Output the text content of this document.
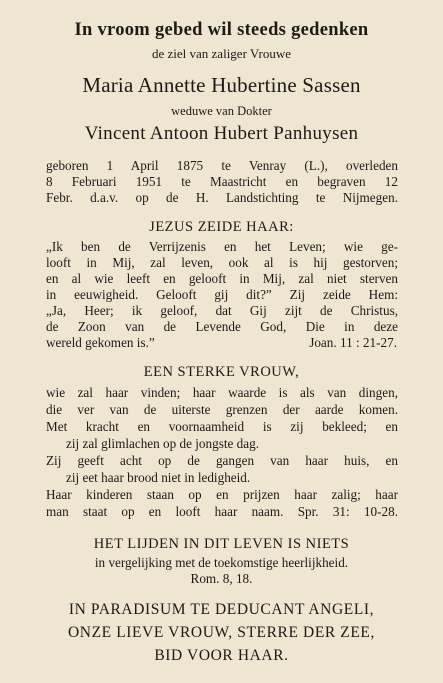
In vroom gebed wil steeds gedenken
de ziel van zaliger Vrouwe
Maria Annette Hubertine Sassen
weduwe van Dokter
Vincent Antoon Hubert Panhuysen
geboren 1 April 1875 te Venray (L.), overleden
8 Februari 1951 te Maastricht en begraven 12
Febr. d.a.v. op de H. Landstichting te Nijmegen.
JEZUS ZEIDE HAAR:
„Ik ben de Verrijzenis en het Leven; wie ge-
looft in Mij, zal leven, ook al is hij gestorven;
en al wie leeft en gelooft in Mij, zal niet sterven
in eeuwigheid. Gelooft gij dit?” Zij zeide Hem:
„Ja, Heer; ik geloof, dat Gij zijt de Christus,
de Zoon van de Levende God, Die in deze
wereld gekomen is.”	Joan. 11 : 21-27.
EEN STERKE VROUW,
wie zal haar vinden; haar waarde is als van dingen,
die ver van de uiterste grenzen der aarde komen.
Met kracht en voornaamheid is zij bekleed; en
zij zal glimlachen op de jongste dag.
Zij geeft acht op de gangen van haar huis, en
zij eet haar brood niet in ledigheid.
Haar kinderen staan op en prijzen haar zalig; haar
man staat op en looft haar naam. Spr. 31: 10-28.
HET LIJDEN IN DIT LEVEN IS NIETS
in vergelijking met de toekomstige heerlijkheid.
Rom. 8, 18.
IN PARADISUM TE DEDUCANT ANGELI,
ONZE LIEVE VROUW, STERRE DER ZEE,
BID VOOR HAAR.
